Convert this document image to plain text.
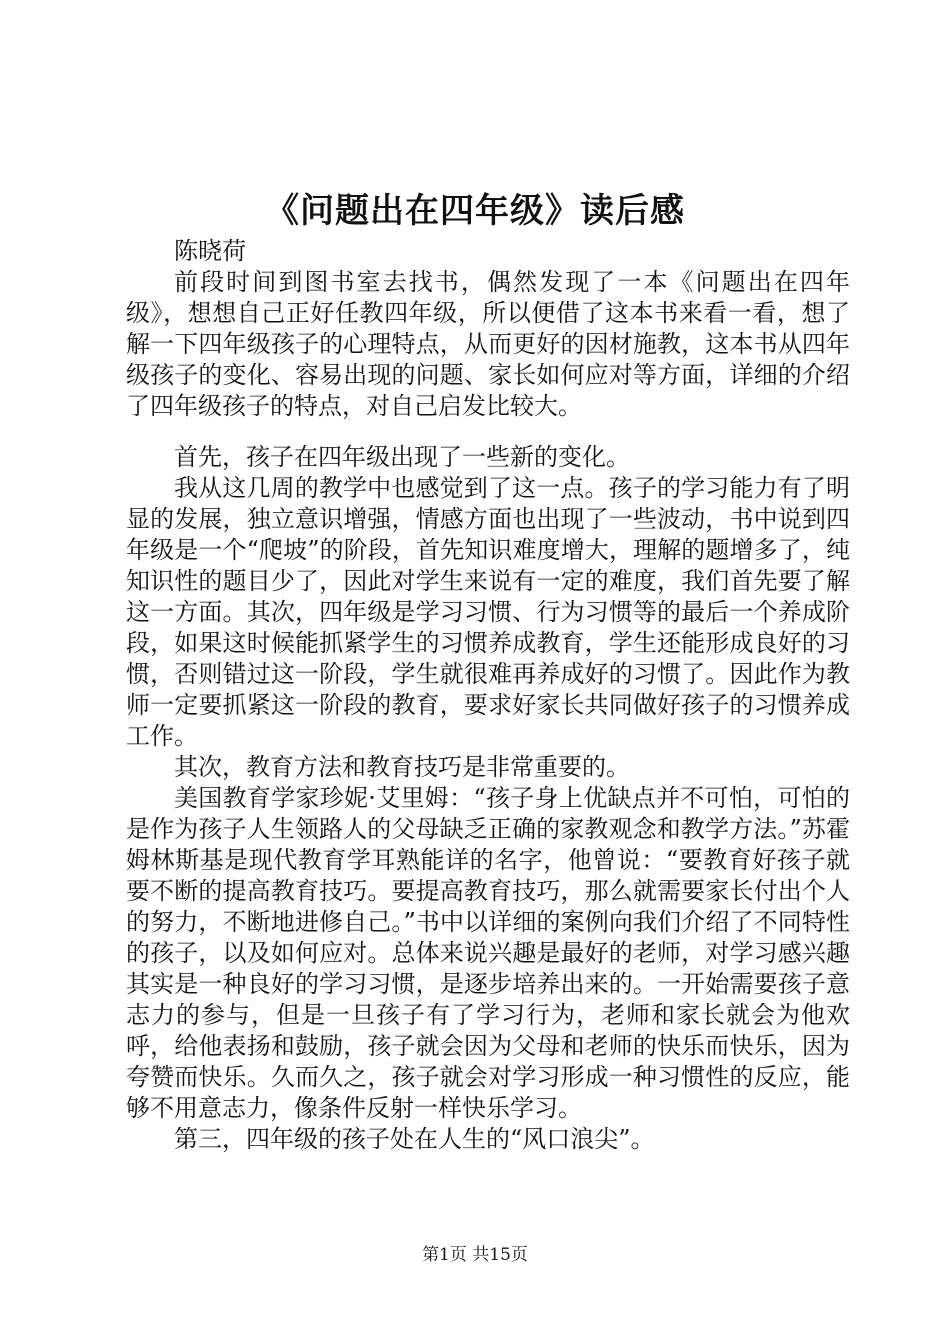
《问题出在四年级》读后感

陈晓荷

前段时间到图书室去找书，偶然发现了一本《问题出在四年级》，想想自己正好任教四年级，所以便借了这本书来看一看，想了解一下四年级孩子的心理特点，从而更好的因材施教，这本书从四年级孩子的变化、容易出现的问题、家长如何应对等方面，详细的介绍了四年级孩子的特点，对自己启发比较大。

首先，孩子在四年级出现了一些新的变化。

我从这几周的教学中也感觉到了这一点。孩子的学习能力有了明显的发展，独立意识增强，情感方面也出现了一些波动，书中说到四年级是一个“爬坡”的阶段，首先知识难度增大，理解的题增多了，纯知识性的题目少了，因此对学生来说有一定的难度，我们首先要了解这一方面。其次，四年级是学习习惯、行为习惯等的最后一个养成阶段，如果这时候能抓紧学生的习惯养成教育，学生还能形成良好的习惯，否则错过这一阶段，学生就很难再养成好的习惯了。因此作为教师一定要抓紧这一阶段的教育，要求好家长共同做好孩子的习惯养成工作。

其次，教育方法和教育技巧是非常重要的。

美国教育学家珍妮·艾里姆：“孩子身上优缺点并不可怕，可怕的是作为孩子人生领路人的父母缺乏正确的家教观念和教学方法。”苏霍姆林斯基是现代教育学耳熟能详的名字，他曾说：“要教育好孩子就要不断的提高教育技巧。要提高教育技巧，那么就需要家长付出个人的努力，不断地进修自己。”书中以详细的案例向我们介绍了不同特性的孩子，以及如何应对。总体来说兴趣是最好的老师，对学习感兴趣其实是一种良好的学习习惯，是逐步培养出来的。一开始需要孩子意志力的参与，但是一旦孩子有了学习行为，老师和家长就会为他欢呼，给他表扬和鼓励，孩子就会因为父母和老师的快乐而快乐，因为夸赞而快乐。久而久之，孩子就会对学习形成一种习惯性的反应，能够不用意志力，像条件反射一样快乐学习。

第三，四年级的孩子处在人生的“风口浪尖”。

第1页 共15页
